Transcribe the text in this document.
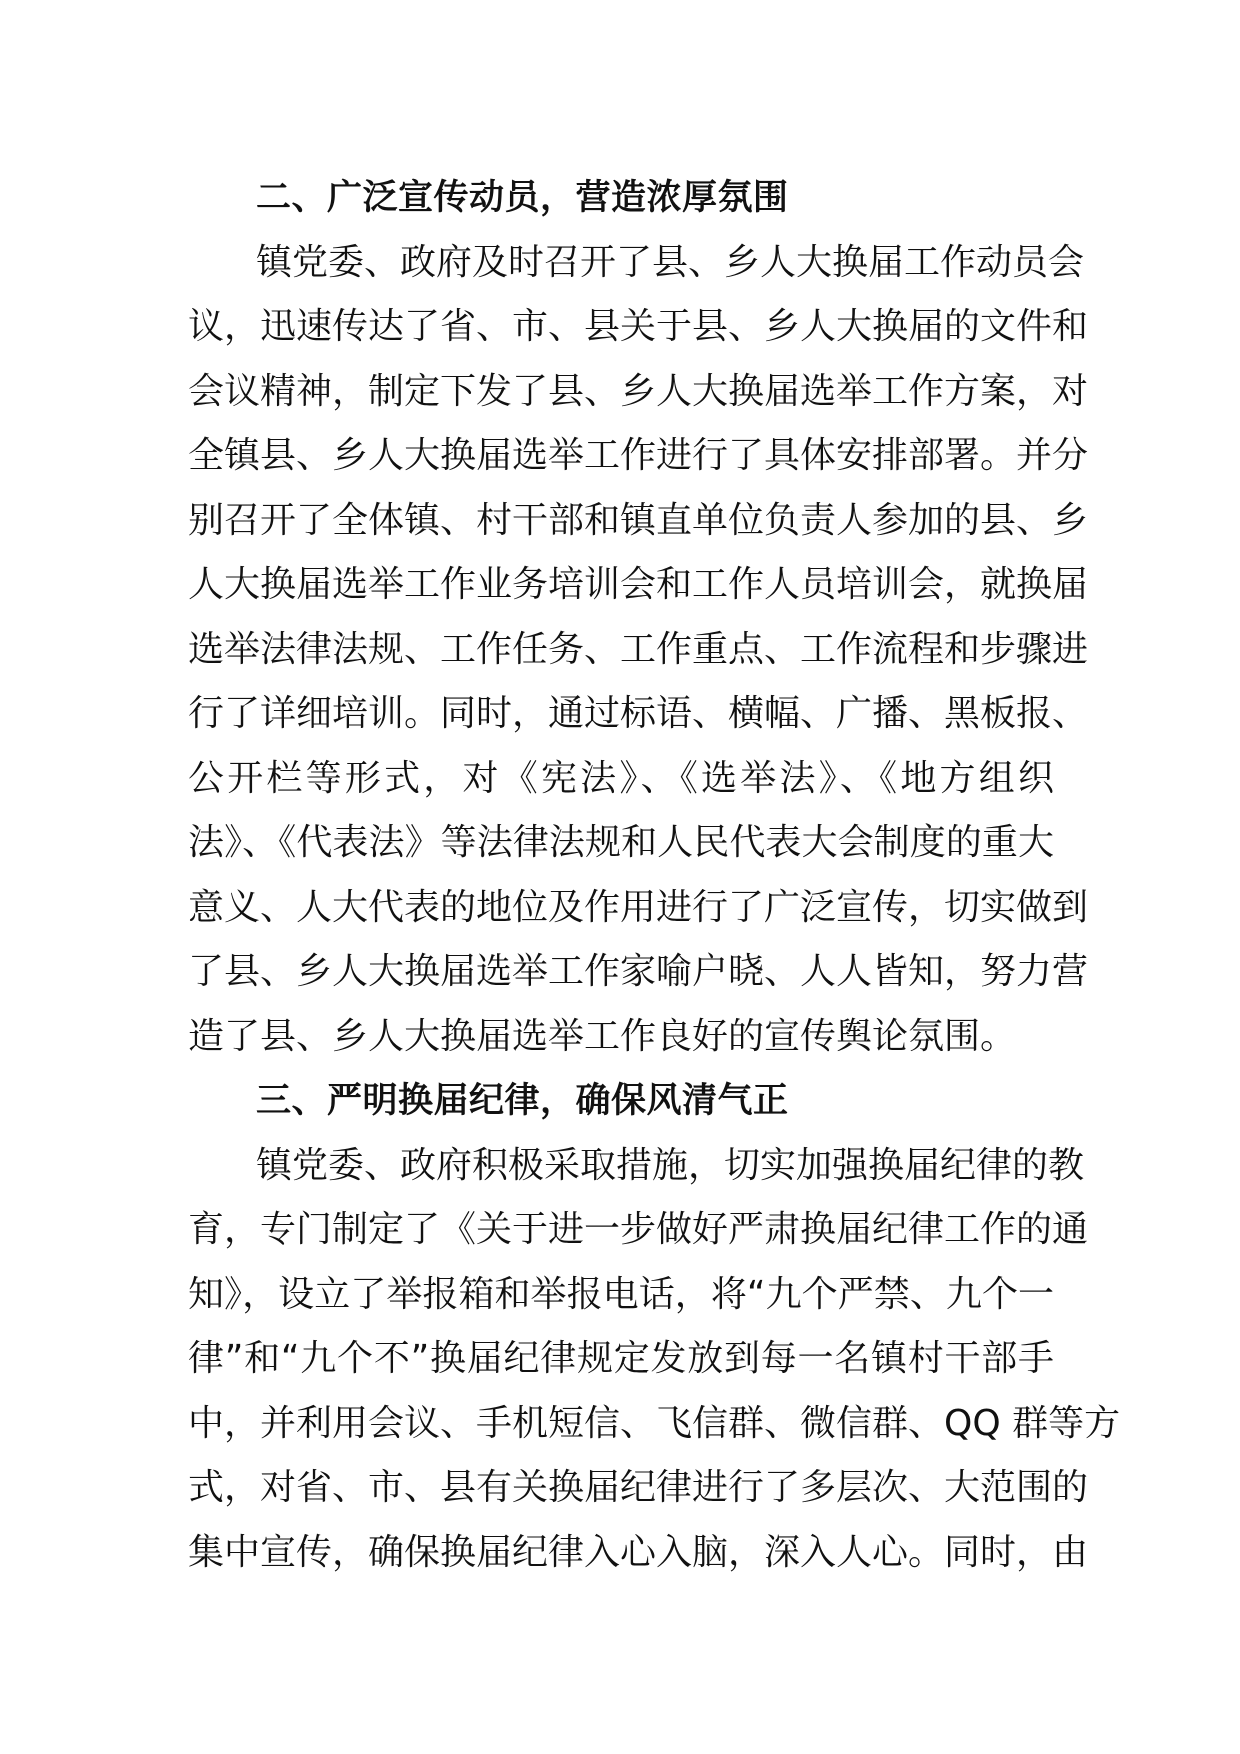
二、广泛宣传动员，营造浓厚氛围
镇党委、政府及时召开了县、乡人大换届工作动员会
议，迅速传达了省、市、县关于县、乡人大换届的文件和
会议精神，制定下发了县、乡人大换届选举工作方案，对
全镇县、乡人大换届选举工作进行了具体安排部署。并分
别召开了全体镇、村干部和镇直单位负责人参加的县、乡
人大换届选举工作业务培训会和工作人员培训会，就换届
选举法律法规、工作任务、工作重点、工作流程和步骤进
行了详细培训。同时，通过标语、横幅、广播、黑板报、
公开栏等形式，对《宪法》、《选举法》、《地方组织
法》、《代表法》等法律法规和人民代表大会制度的重大
意义、人大代表的地位及作用进行了广泛宣传，切实做到
了县、乡人大换届选举工作家喻户晓、人人皆知，努力营
造了县、乡人大换届选举工作良好的宣传舆论氛围。
三、严明换届纪律，确保风清气正
镇党委、政府积极采取措施，切实加强换届纪律的教
育，专门制定了《关于进一步做好严肃换届纪律工作的通
知》，设立了举报箱和举报电话，将“九个严禁、九个一
律”和“九个不”换届纪律规定发放到每一名镇村干部手
中，并利用会议、手机短信、飞信群、微信群、QQ 群等方
式，对省、市、县有关换届纪律进行了多层次、大范围的
集中宣传，确保换届纪律入心入脑，深入人心。同时，由
